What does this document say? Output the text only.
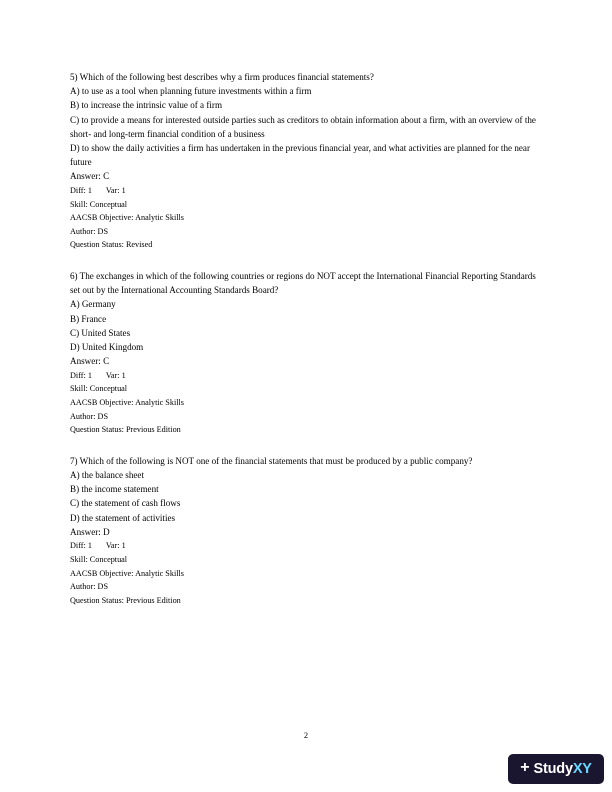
5) Which of the following best describes why a firm produces financial statements?
A) to use as a tool when planning future investments within a firm
B) to increase the intrinsic value of a firm
C) to provide a means for interested outside parties such as creditors to obtain information about a firm, with an overview of the short- and long-term financial condition of a business
D) to show the daily activities a firm has undertaken in the previous financial year, and what activities are planned for the near future
Answer: C
Diff: 1 Var: 1
Skill: Conceptual
AACSB Objective: Analytic Skills
Author: DS
Question Status: Revised
6) The exchanges in which of the following countries or regions do NOT accept the International Financial Reporting Standards set out by the International Accounting Standards Board?
A) Germany
B) France
C) United States
D) United Kingdom
Answer: C
Diff: 1 Var: 1
Skill: Conceptual
AACSB Objective: Analytic Skills
Author: DS
Question Status: Previous Edition
7) Which of the following is NOT one of the financial statements that must be produced by a public company?
A) the balance sheet
B) the income statement
C) the statement of cash flows
D) the statement of activities
Answer: D
Diff: 1 Var: 1
Skill: Conceptual
AACSB Objective: Analytic Skills
Author: DS
Question Status: Previous Edition
2
+ StudyXY
